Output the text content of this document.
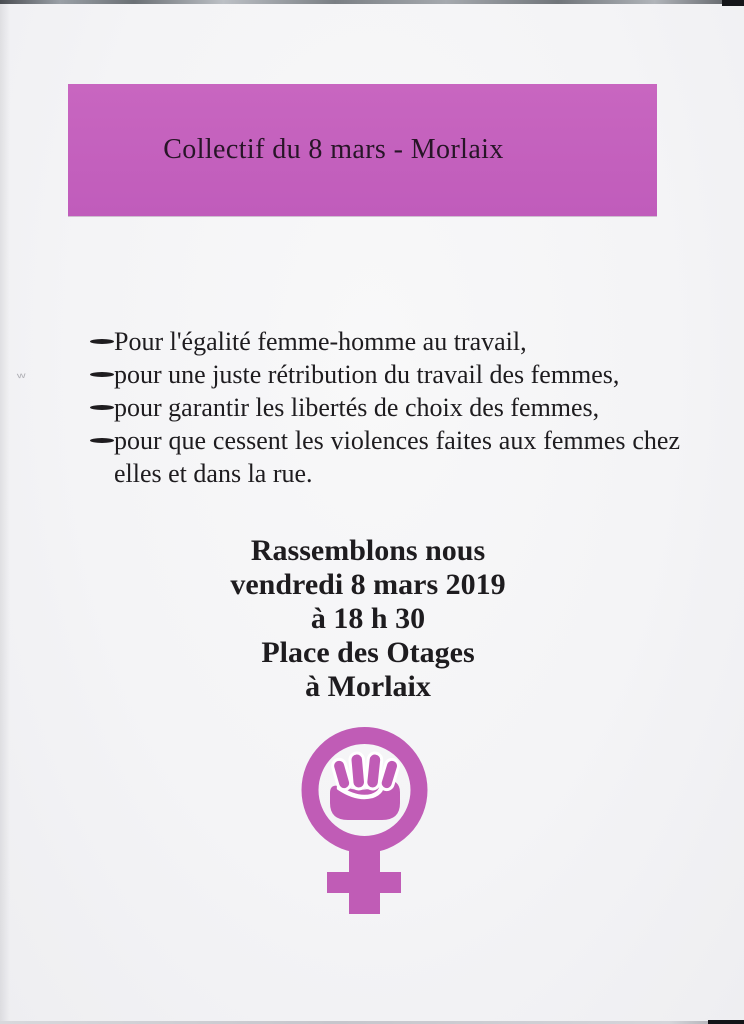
Collectif du 8 mars - Morlaix
w
Pour l'égalité femme-homme au travail,
pour une juste rétribution du travail des femmes,
pour garantir les libertés de choix des femmes,
pour que cessent les violences faites aux femmes chez elles et dans la rue.
Rassemblons nous
vendredi 8 mars 2019
à 18 h 30
Place des Otages
à Morlaix
